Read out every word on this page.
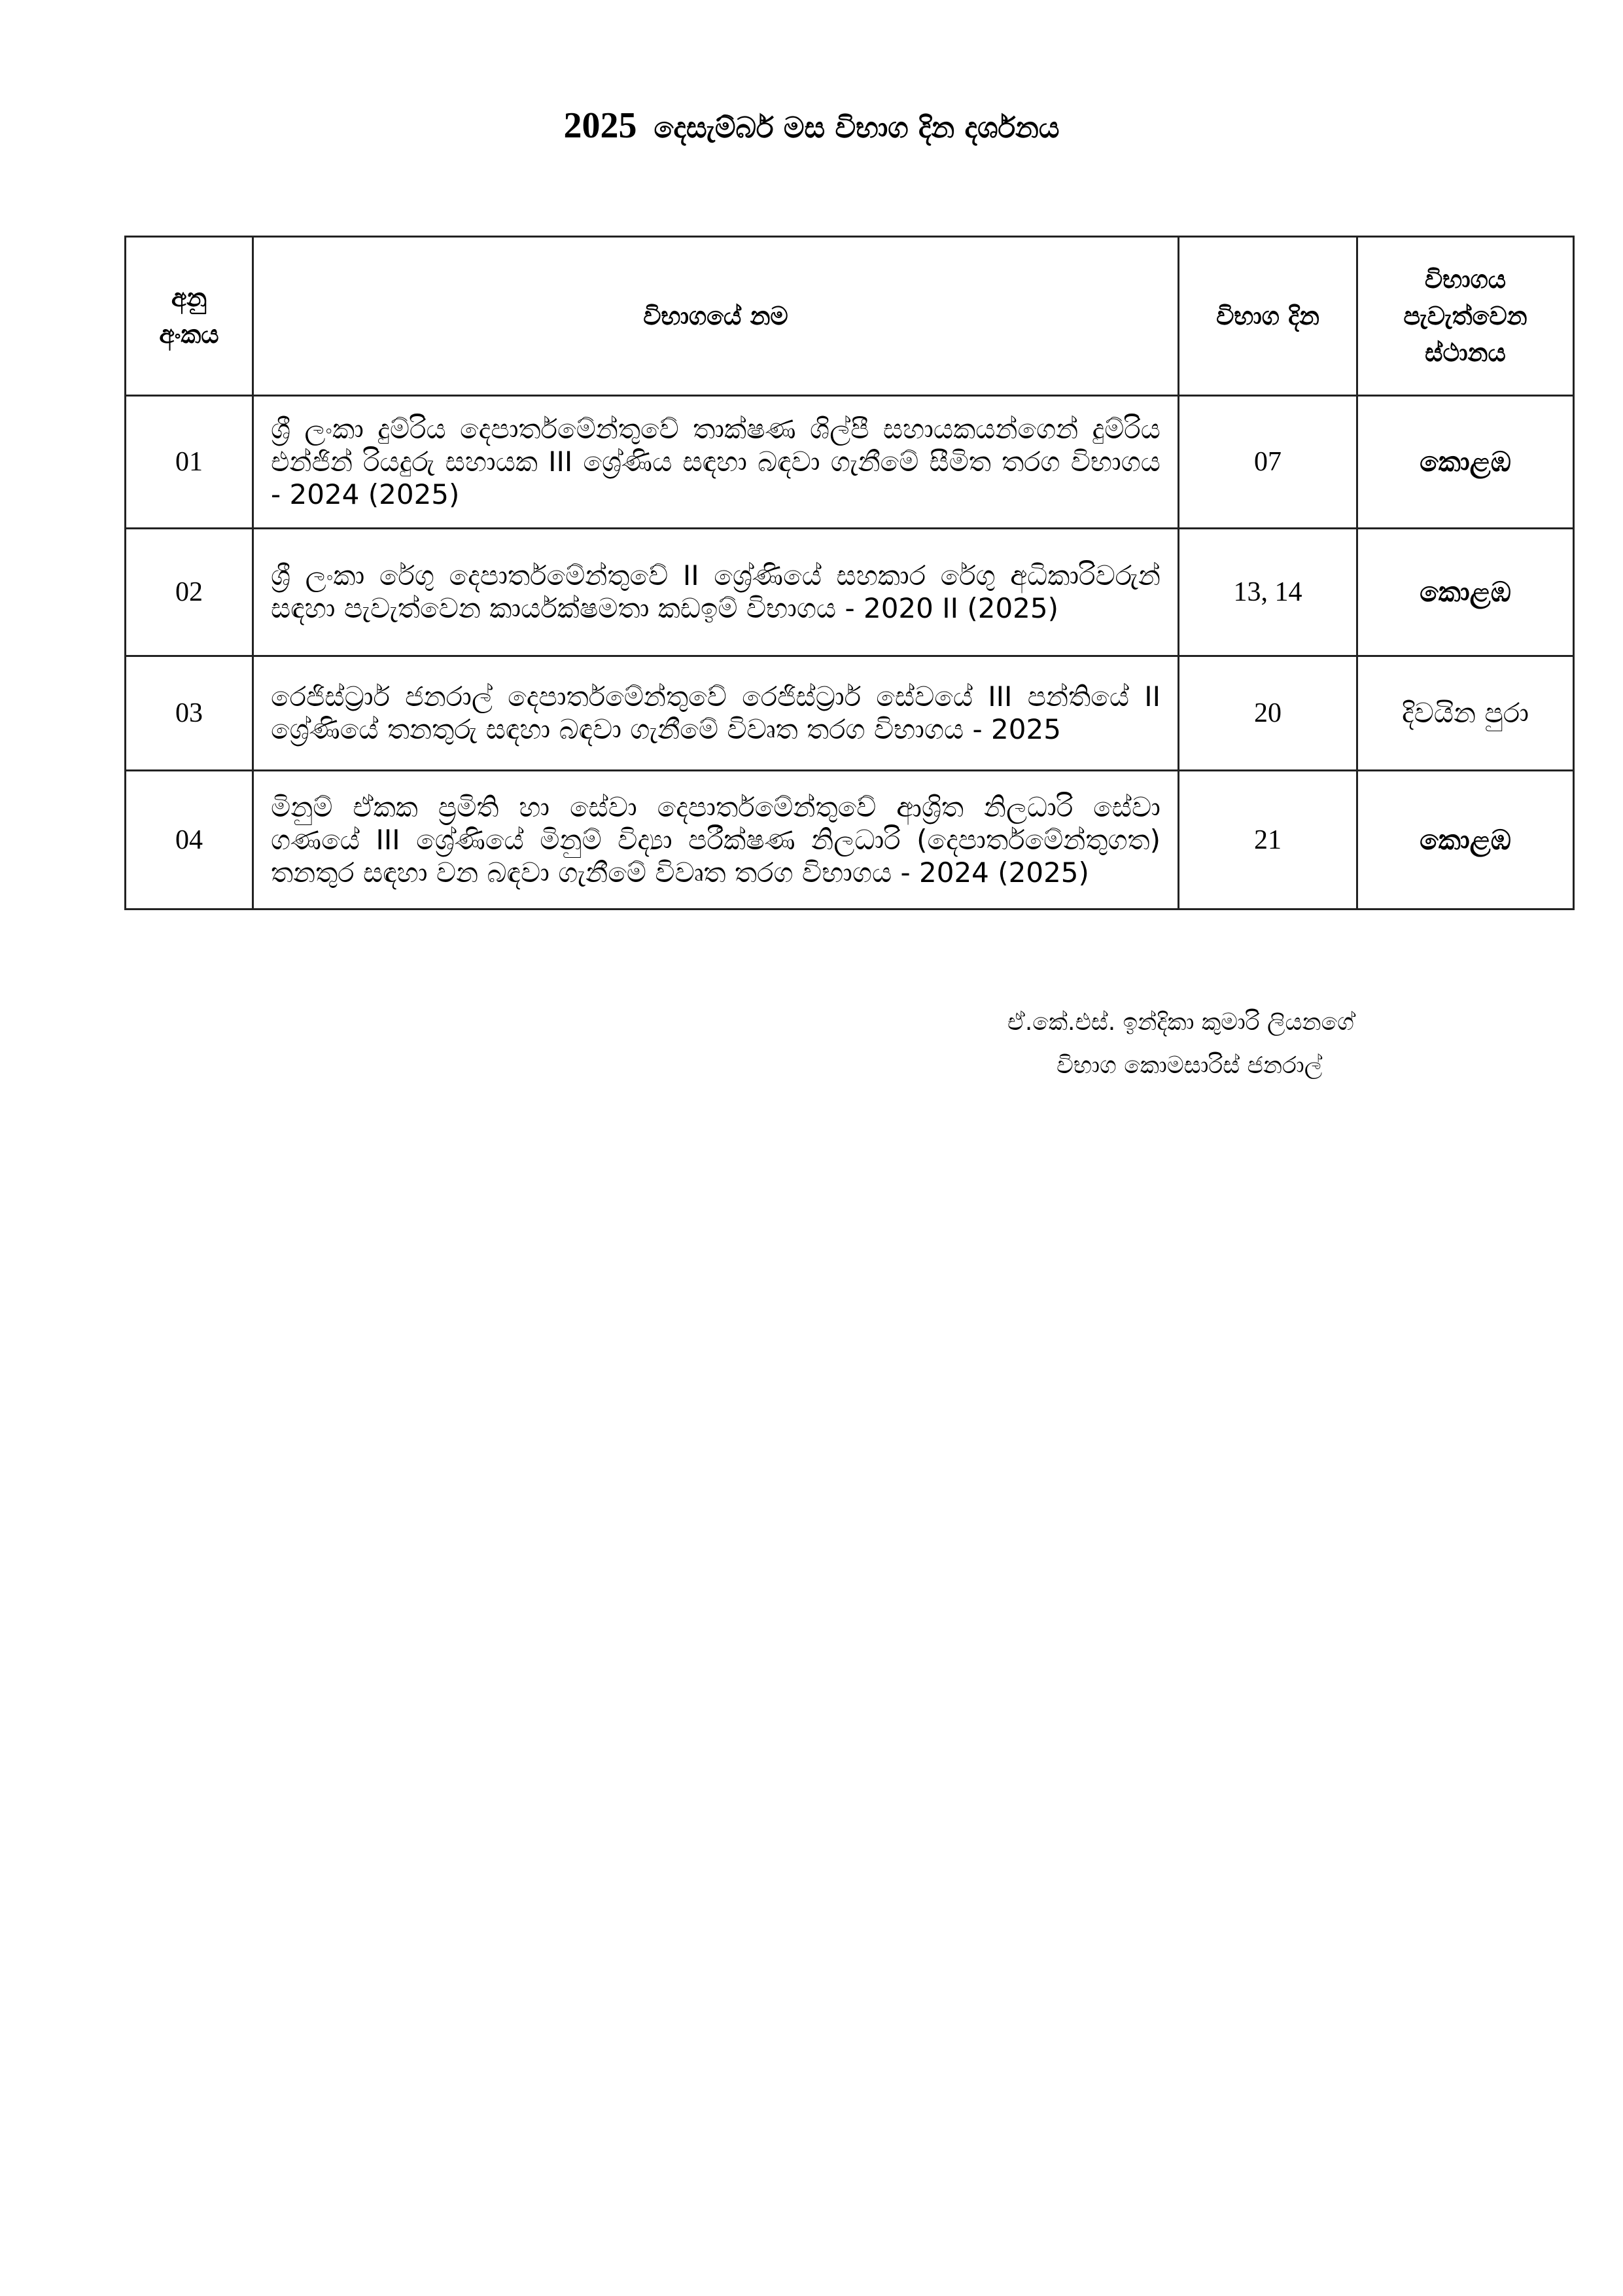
2025 දෙසැම්බර් මස විභාග දින දර්ශනය
අනු අංකය	විභාගයේ නම	විභාග දින	විභාගය පැවැත්වෙන ස්ථානය
01	ශ්‍රී ලංකා දුම්රිය දෙපාර්තමේන්තුවේ තාක්ෂණ ශිල්පී සහායකයන්ගෙන් දුම්රිය එන්ජින් රියදුරු සහායක III ශ්‍රේණිය සඳහා බඳවා ගැනීමේ සීමිත තරග විභාගය - 2024 (2025)	07	කොළඹ
02	ශ්‍රී ලංකා රේගු දෙපාර්තමේන්තුවේ II ශ්‍රේණියේ සහකාර රේගු අධිකාරිවරුන් සඳහා පැවැත්වෙන කාර්යක්ෂමතා කඩඉම් විභාගය - 2020 II (2025)	13, 14	කොළඹ
03	රෙජිස්ට්‍රාර් ජනරාල් දෙපාර්තමේන්තුවේ රෙජිස්ට්‍රාර් සේවයේ III පන්තියේ II ශ්‍රේණියේ තනතුරු සඳහා බඳවා ගැනීමේ විවෘත තරග විභාගය - 2025	20	දිවයින පුරා
04	මිනුම් ඒකක ප්‍රමිති හා සේවා දෙපාර්තමේන්තුවේ ආශ්‍රිත නිලධාරි සේවා ගණයේ III ශ්‍රේණියේ මිනුම් විද්‍යා පරීක්ෂණ නිලධාරි (දෙපාර්තමේන්තුගත) තනතුර සඳහා වන බඳවා ගැනීමේ විවෘත තරග විභාගය - 2024 (2025)	21	කොළඹ
ඒ.කේ.එස්. ඉන්දිකා කුමාරි ලියනගේ
විභාග කොමසාරිස් ජනරාල්
